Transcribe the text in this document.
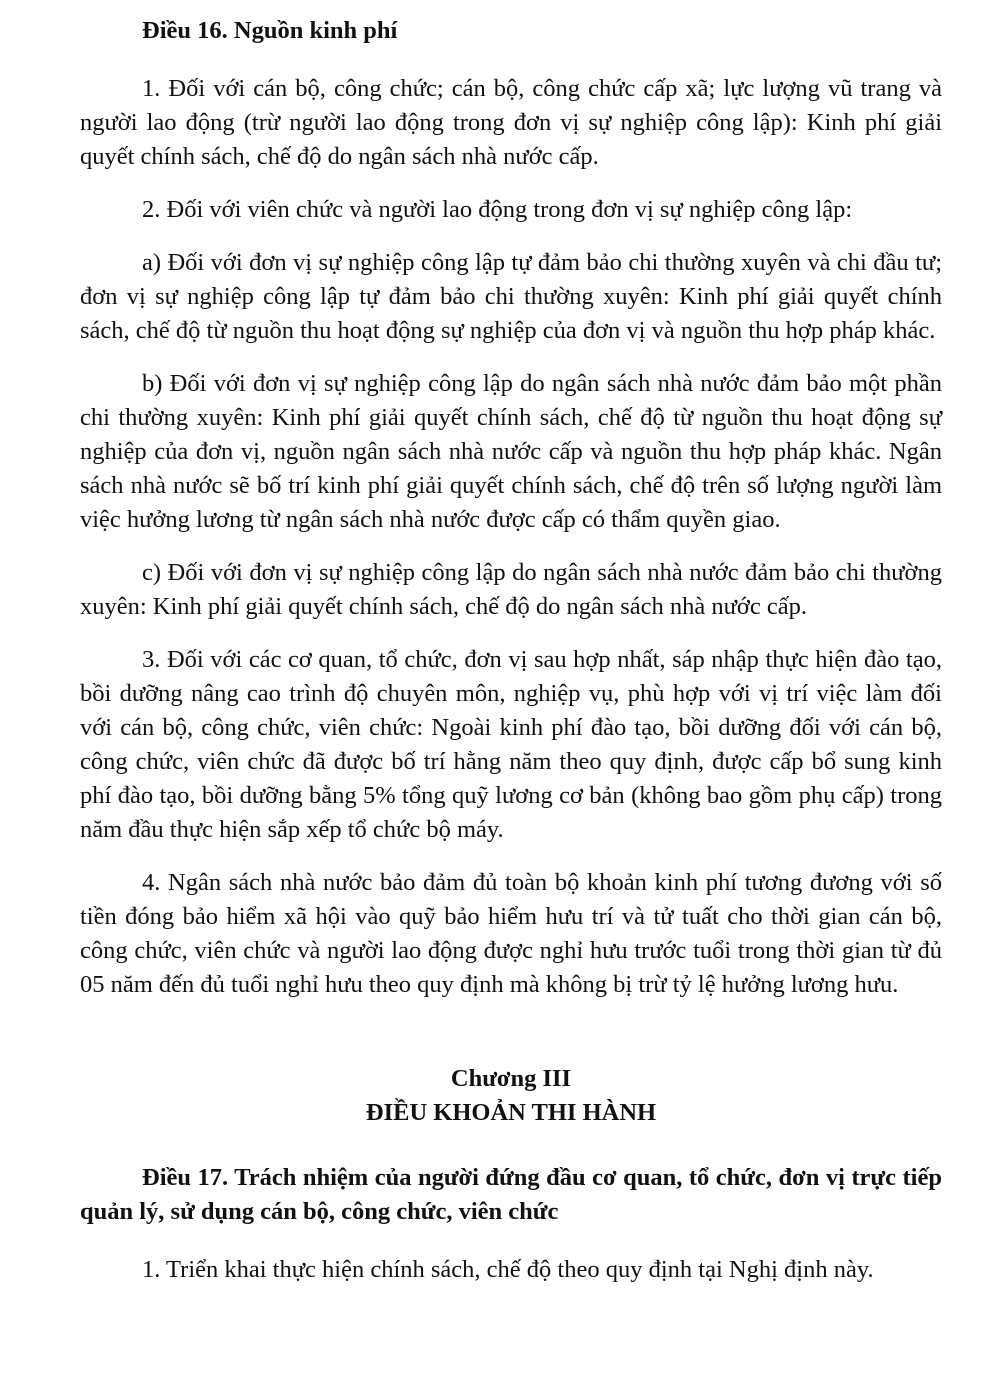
Điều 16. Nguồn kinh phí

1. Đối với cán bộ, công chức; cán bộ, công chức cấp xã; lực lượng vũ trang và người lao động (trừ người lao động trong đơn vị sự nghiệp công lập): Kinh phí giải quyết chính sách, chế độ do ngân sách nhà nước cấp.

2. Đối với viên chức và người lao động trong đơn vị sự nghiệp công lập:

a) Đối với đơn vị sự nghiệp công lập tự đảm bảo chi thường xuyên và chi đầu tư; đơn vị sự nghiệp công lập tự đảm bảo chi thường xuyên: Kinh phí giải quyết chính sách, chế độ từ nguồn thu hoạt động sự nghiệp của đơn vị và nguồn thu hợp pháp khác.

b) Đối với đơn vị sự nghiệp công lập do ngân sách nhà nước đảm bảo một phần chi thường xuyên: Kinh phí giải quyết chính sách, chế độ từ nguồn thu hoạt động sự nghiệp của đơn vị, nguồn ngân sách nhà nước cấp và nguồn thu hợp pháp khác. Ngân sách nhà nước sẽ bố trí kinh phí giải quyết chính sách, chế độ trên số lượng người làm việc hưởng lương từ ngân sách nhà nước được cấp có thẩm quyền giao.

c) Đối với đơn vị sự nghiệp công lập do ngân sách nhà nước đảm bảo chi thường xuyên: Kinh phí giải quyết chính sách, chế độ do ngân sách nhà nước cấp.

3. Đối với các cơ quan, tổ chức, đơn vị sau hợp nhất, sáp nhập thực hiện đào tạo, bồi dưỡng nâng cao trình độ chuyên môn, nghiệp vụ, phù hợp với vị trí việc làm đối với cán bộ, công chức, viên chức: Ngoài kinh phí đào tạo, bồi dưỡng đối với cán bộ, công chức, viên chức đã được bố trí hằng năm theo quy định, được cấp bổ sung kinh phí đào tạo, bồi dưỡng bằng 5% tổng quỹ lương cơ bản (không bao gồm phụ cấp) trong năm đầu thực hiện sắp xếp tổ chức bộ máy.

4. Ngân sách nhà nước bảo đảm đủ toàn bộ khoản kinh phí tương đương với số tiền đóng bảo hiểm xã hội vào quỹ bảo hiểm hưu trí và tử tuất cho thời gian cán bộ, công chức, viên chức và người lao động được nghỉ hưu trước tuổi trong thời gian từ đủ 05 năm đến đủ tuổi nghỉ hưu theo quy định mà không bị trừ tỷ lệ hưởng lương hưu.

Chương III
ĐIỀU KHOẢN THI HÀNH

Điều 17. Trách nhiệm của người đứng đầu cơ quan, tổ chức, đơn vị trực tiếp quản lý, sử dụng cán bộ, công chức, viên chức

1. Triển khai thực hiện chính sách, chế độ theo quy định tại Nghị định này.
